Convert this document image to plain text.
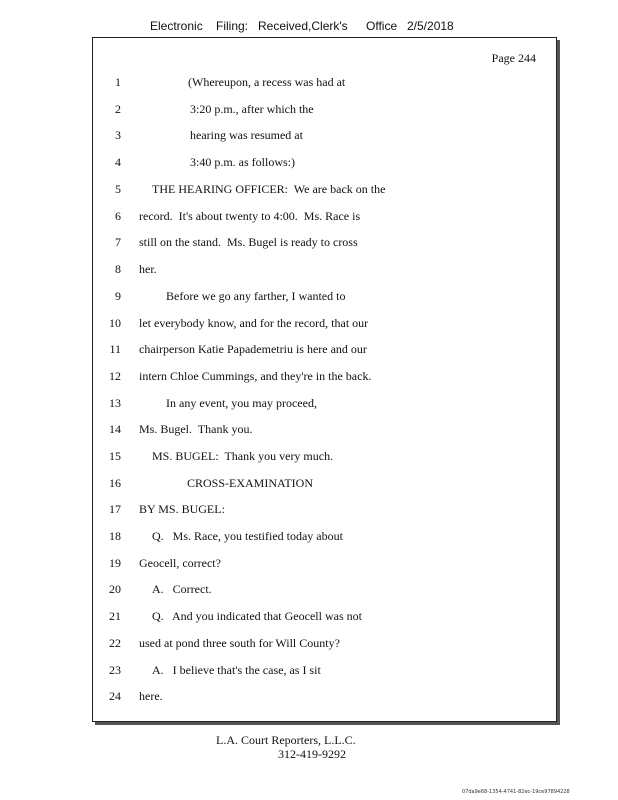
Electronic Filing: Received,Clerk's Office 2/5/2018
Page 244
1	(Whereupon, a recess was had at
2	3:20 p.m., after which the
3	hearing was resumed at
4	3:40 p.m. as follows:)
5	THE HEARING OFFICER:  We are back on the
6 record.  It's about twenty to 4:00.  Ms. Race is
7 still on the stand.  Ms. Bugel is ready to cross
8 her.
9	Before we go any farther, I wanted to
10 let everybody know, and for the record, that our
11 chairperson Katie Papademetriu is here and our
12 intern Chloe Cummings, and they're in the back.
13	In any event, you may proceed,
14 Ms. Bugel.  Thank you.
15	MS. BUGEL:  Thank you very much.
16	CROSS-EXAMINATION
17 BY MS. BUGEL:
18	Q.   Ms. Race, you testified today about
19 Geocell, correct?
20	A.   Correct.
21	Q.   And you indicated that Geocell was not
22 used at pond three south for Will County?
23	A.   I believe that's the case, as I sit
24 here.
L.A. Court Reporters, L.L.C.
312-419-9292
07da9e68-1354-4741-82ec-19ce97894228
